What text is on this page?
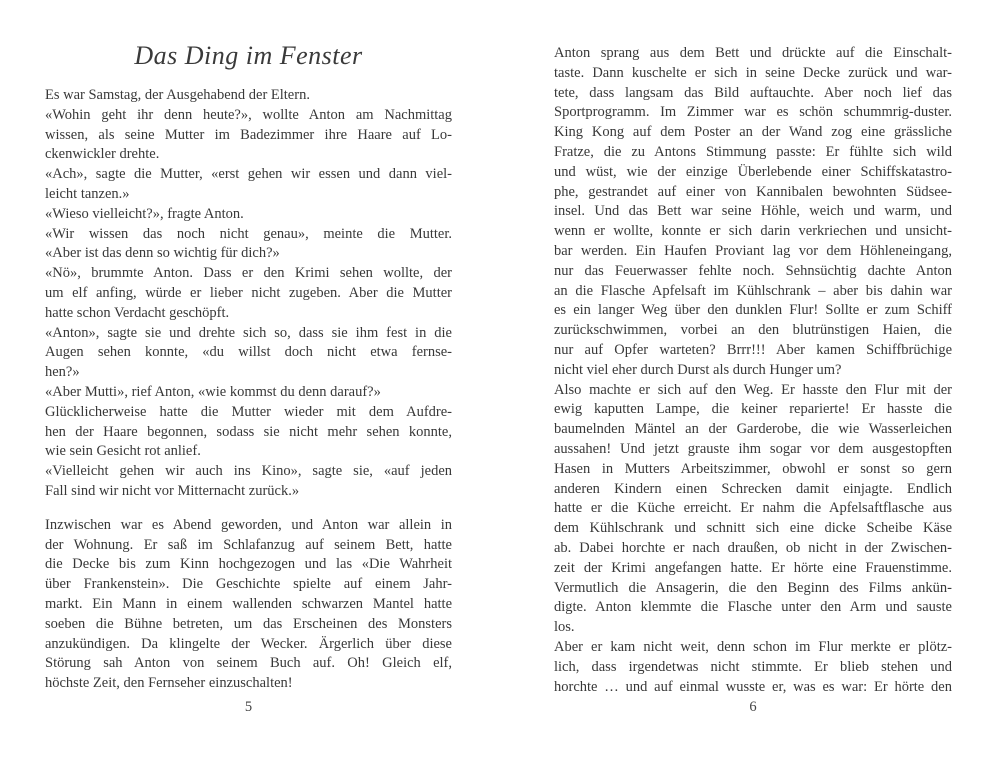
Das Ding im Fenster
Es war Samstag, der Ausgehabend der Eltern.
«Wohin geht ihr denn heute?», wollte Anton am Nachmittag
wissen, als seine Mutter im Badezimmer ihre Haare auf Lo-
ckenwickler drehte.
«Ach», sagte die Mutter, «erst gehen wir essen und dann viel-
leicht tanzen.»
«Wieso vielleicht?», fragte Anton.
«Wir wissen das noch nicht genau», meinte die Mutter.
«Aber ist das denn so wichtig für dich?»
«Nö», brummte Anton. Dass er den Krimi sehen wollte, der
um elf anfing, würde er lieber nicht zugeben. Aber die Mutter
hatte schon Verdacht geschöpft.
«Anton», sagte sie und drehte sich so, dass sie ihm fest in die
Augen sehen konnte, «du willst doch nicht etwa fernse-
hen?»
«Aber Mutti», rief Anton, «wie kommst du denn darauf?»
Glücklicherweise hatte die Mutter wieder mit dem Aufdre-
hen der Haare begonnen, sodass sie nicht mehr sehen konnte,
wie sein Gesicht rot anlief.
«Vielleicht gehen wir auch ins Kino», sagte sie, «auf jeden
Fall sind wir nicht vor Mitternacht zurück.»
Inzwischen war es Abend geworden, und Anton war allein in
der Wohnung. Er saß im Schlafanzug auf seinem Bett, hatte
die Decke bis zum Kinn hochgezogen und las «Die Wahrheit
über Frankenstein». Die Geschichte spielte auf einem Jahr-
markt. Ein Mann in einem wallenden schwarzen Mantel hatte
soeben die Bühne betreten, um das Erscheinen des Monsters
anzukündigen. Da klingelte der Wecker. Ärgerlich über diese
Störung sah Anton von seinem Buch auf. Oh! Gleich elf,
höchste Zeit, den Fernseher einzuschalten!
5
Anton sprang aus dem Bett und drückte auf die Einschalt-
taste. Dann kuschelte er sich in seine Decke zurück und war-
tete, dass langsam das Bild auftauchte. Aber noch lief das
Sportprogramm. Im Zimmer war es schön schummrig-duster.
King Kong auf dem Poster an der Wand zog eine grässliche
Fratze, die zu Antons Stimmung passte: Er fühlte sich wild
und wüst, wie der einzige Überlebende einer Schiffskatastro-
phe, gestrandet auf einer von Kannibalen bewohnten Südsee-
insel. Und das Bett war seine Höhle, weich und warm, und
wenn er wollte, konnte er sich darin verkriechen und unsicht-
bar werden. Ein Haufen Proviant lag vor dem Höhleneingang,
nur das Feuerwasser fehlte noch. Sehnsüchtig dachte Anton
an die Flasche Apfelsaft im Kühlschrank – aber bis dahin war
es ein langer Weg über den dunklen Flur! Sollte er zum Schiff
zurückschwimmen, vorbei an den blutrünstigen Haien, die
nur auf Opfer warteten? Brrr!!! Aber kamen Schiffbrüchige
nicht viel eher durch Durst als durch Hunger um?
Also machte er sich auf den Weg. Er hasste den Flur mit der
ewig kaputten Lampe, die keiner reparierte! Er hasste die
baumelnden Mäntel an der Garderobe, die wie Wasserleichen
aussahen! Und jetzt grauste ihm sogar vor dem ausgestopften
Hasen in Mutters Arbeitszimmer, obwohl er sonst so gern
anderen Kindern einen Schrecken damit einjagte. Endlich
hatte er die Küche erreicht. Er nahm die Apfelsaftflasche aus
dem Kühlschrank und schnitt sich eine dicke Scheibe Käse
ab. Dabei horchte er nach draußen, ob nicht in der Zwischen-
zeit der Krimi angefangen hatte. Er hörte eine Frauenstimme.
Vermutlich die Ansagerin, die den Beginn des Films ankün-
digte. Anton klemmte die Flasche unter den Arm und sauste
los.
Aber er kam nicht weit, denn schon im Flur merkte er plötz-
lich, dass irgendetwas nicht stimmte. Er blieb stehen und
horchte … und auf einmal wusste er, was es war: Er hörte den
6
